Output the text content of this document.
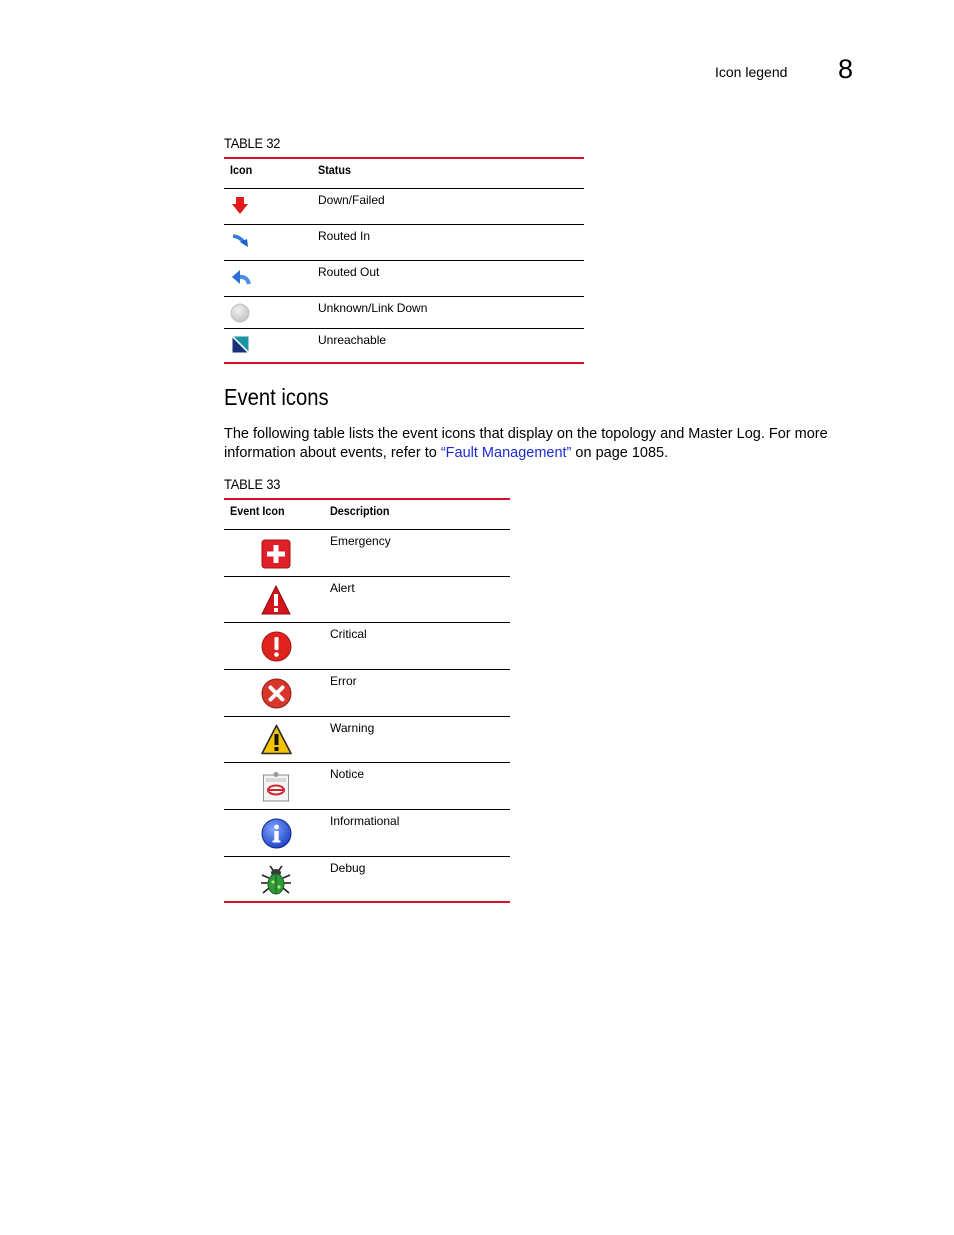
Icon legend 8
TABLE 32
Icon	Status

	Down/Failed

	Routed In

	Routed Out

	Unknown/Link Down

	Unreachable
Event icons

The following table lists the event icons that display on the topology and Master Log. For more information about events, refer to “Fault Management” on page 1085.

TABLE 33
Event Icon	Description

	Emergency

	Alert

	Critical

	Error

	Warning

	Notice

	Informational

	Debug
